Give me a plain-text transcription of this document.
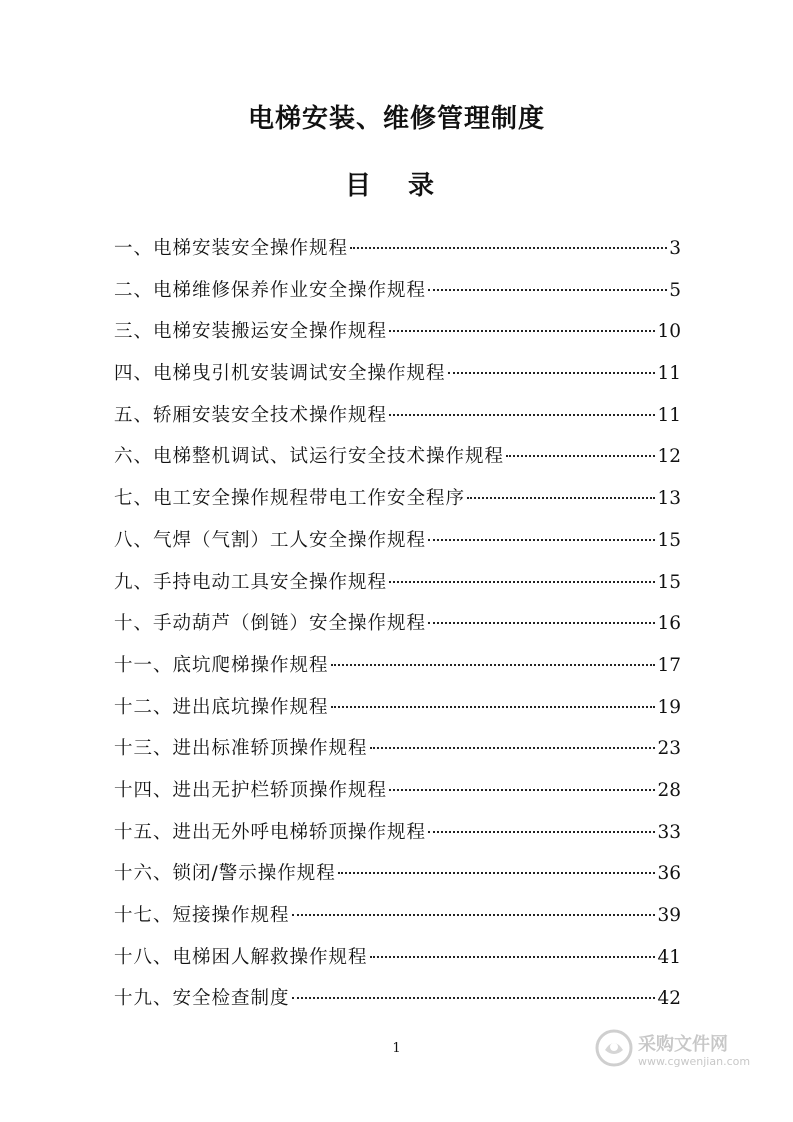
电梯安装、维修管理制度
目 录
一、电梯安装安全操作规程	3
二、电梯维修保养作业安全操作规程	5
三、电梯安装搬运安全操作规程	10
四、电梯曳引机安装调试安全操作规程	11
五、轿厢安装安全技术操作规程	11
六、电梯整机调试、试运行安全技术操作规程	12
七、电工安全操作规程带电工作安全程序	13
八、气焊（气割）工人安全操作规程	15
九、手持电动工具安全操作规程	15
十、手动葫芦（倒链）安全操作规程	16
十一、底坑爬梯操作规程	17
十二、进出底坑操作规程	19
十三、进出标准轿顶操作规程	23
十四、进出无护栏轿顶操作规程	28
十五、进出无外呼电梯轿顶操作规程	33
十六、锁闭/警示操作规程	36
十七、短接操作规程	39
十八、电梯困人解救操作规程	41
十九、安全检查制度	42
1	采购文件网
www.cgwenjian.com
